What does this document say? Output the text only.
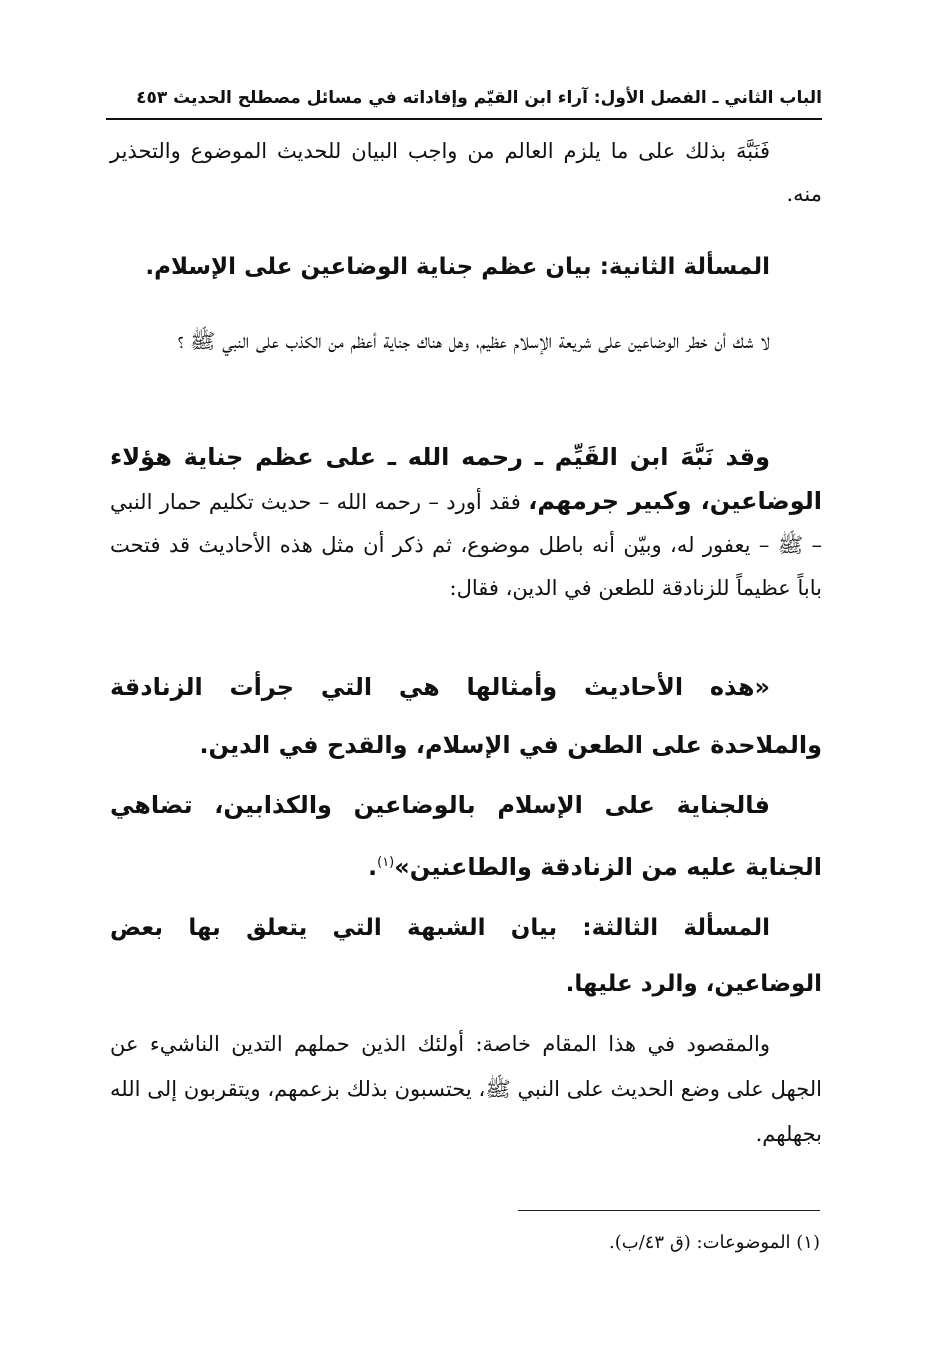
الباب الثاني ـ الفصل الأول: آراء ابن القيّم وإفاداته في مسائل مصطلح الحديث ٤٥٣
فَنَبَّهَ بذلك على ما يلزم العالم من واجب البيان للحديث الموضوع والتحذير منه.
المسألة الثانية: بيان عظم جناية الوضاعين على الإسلام.
لا شك أن خطر الوضاعين على شريعة الإسلام عظيم، وهل هناك جناية أعظم من الكذب على النبي ﷺ ؟
وقد نَبَّهَ ابن القَيِّم ـ رحمه الله ـ على عظم جناية هؤلاء الوضاعين، وكبير جرمهم، فقد أورد – رحمه الله – حديث تكليم حمار النبي – ﷺ – يعفور له، وبيّن أنه باطل موضوع، ثم ذكر أن مثل هذه الأحاديث قد فتحت باباً عظيماً للزنادقة للطعن في الدين، فقال:
«هذه الأحاديث وأمثالها هي التي جرأت الزنادقة والملاحدة على الطعن في الإسلام، والقدح في الدين.
فالجناية على الإسلام بالوضاعين والكذابين، تضاهي الجناية عليه من الزنادقة والطاعنين»$^{(١)}$.
المسألة الثالثة: بيان الشبهة التي يتعلق بها بعض الوضاعين، والرد عليها.
والمقصود في هذا المقام خاصة: أولئك الذين حملهم التدين الناشيء عن الجهل على وضع الحديث على النبي ﷺ، يحتسبون بذلك بزعمهم، ويتقربون إلى الله بجهلهم.
(١) الموضوعات: (ق ٤٣/ب).
